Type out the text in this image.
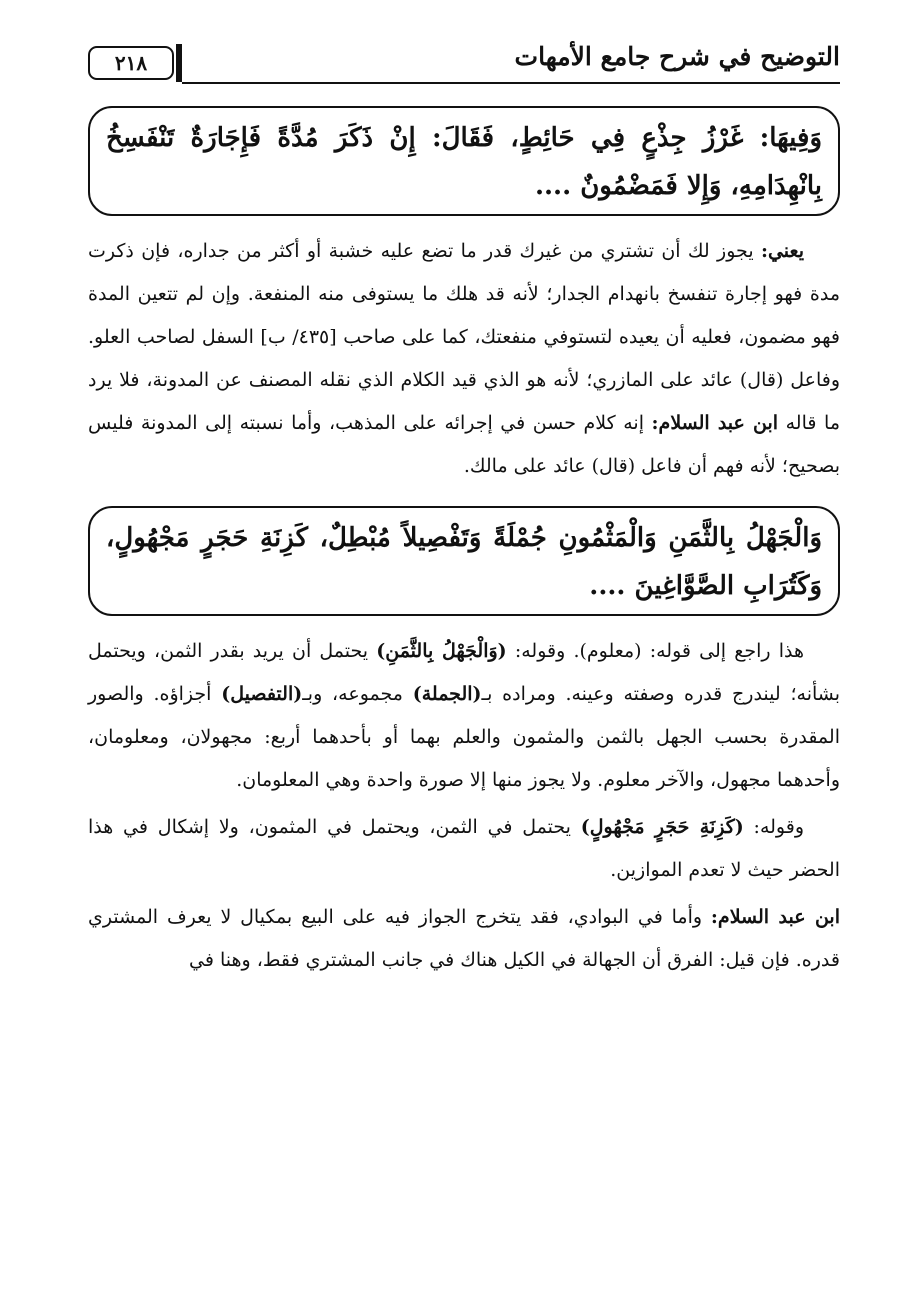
٢١٨	التوضيح في شرح جامع الأمهات
وَفِيهَا: غَرْزُ جِذْعٍ فِي حَائِطٍ، فَقَالَ: إِنْ ذَكَرَ مُدَّةً فَإِجَارَةٌ تَنْفَسِخُ بِانْهِدَامِهِ، وَإِلا فَمَضْمُونٌ ....

يعني: يجوز لك أن تشتري من غيرك قدر ما تضع عليه خشبة أو أكثر من جداره، فإن ذكرت مدة فهو إجارة تنفسخ بانهدام الجدار؛ لأنه قد هلك ما يستوفى منه المنفعة. وإن لم تتعين المدة فهو مضمون، فعليه أن يعيده لتستوفي منفعتك، كما على صاحب [٤٣٥/ ب] السفل لصاحب العلو. وفاعل (قال) عائد على المازري؛ لأنه هو الذي قيد الكلام الذي نقله المصنف عن المدونة، فلا يرد ما قاله ابن عبد السلام: إنه كلام حسن في إجرائه على المذهب، وأما نسبته إلى المدونة فليس بصحيح؛ لأنه فهم أن فاعل (قال) عائد على مالك.

وَالْجَهْلُ بِالثَّمَنِ وَالْمَثْمُونِ جُمْلَةً وَتَفْصِيلاً مُبْطِلٌ، كَزِنَةِ حَجَرٍ مَجْهُولٍ، وَكَتُرَابِ الصَّوَّاغِينَ ....

هذا راجع إلى قوله: (معلوم). وقوله: (وَالْجَهْلُ بِالثَّمَنِ) يحتمل أن يريد بقدر الثمن، ويحتمل بشأنه؛ ليندرج قدره وصفته وعينه. ومراده بـ(الجملة) مجموعه، وبـ(التفصيل) أجزاؤه. والصور المقدرة بحسب الجهل بالثمن والمثمون والعلم بهما أو بأحدهما أربع: مجهولان، ومعلومان، وأحدهما مجهول، والآخر معلوم. ولا يجوز منها إلا صورة واحدة وهي المعلومان.

وقوله: (كَزِنَةِ حَجَرٍ مَجْهُولٍ) يحتمل في الثمن، ويحتمل في المثمون، ولا إشكال في هذا الحضر حيث لا تعدم الموازين.

ابن عبد السلام: وأما في البوادي، فقد يتخرج الجواز فيه على البيع بمكيال لا يعرف المشتري قدره. فإن قيل: الفرق أن الجهالة في الكيل هناك في جانب المشتري فقط، وهنا في
